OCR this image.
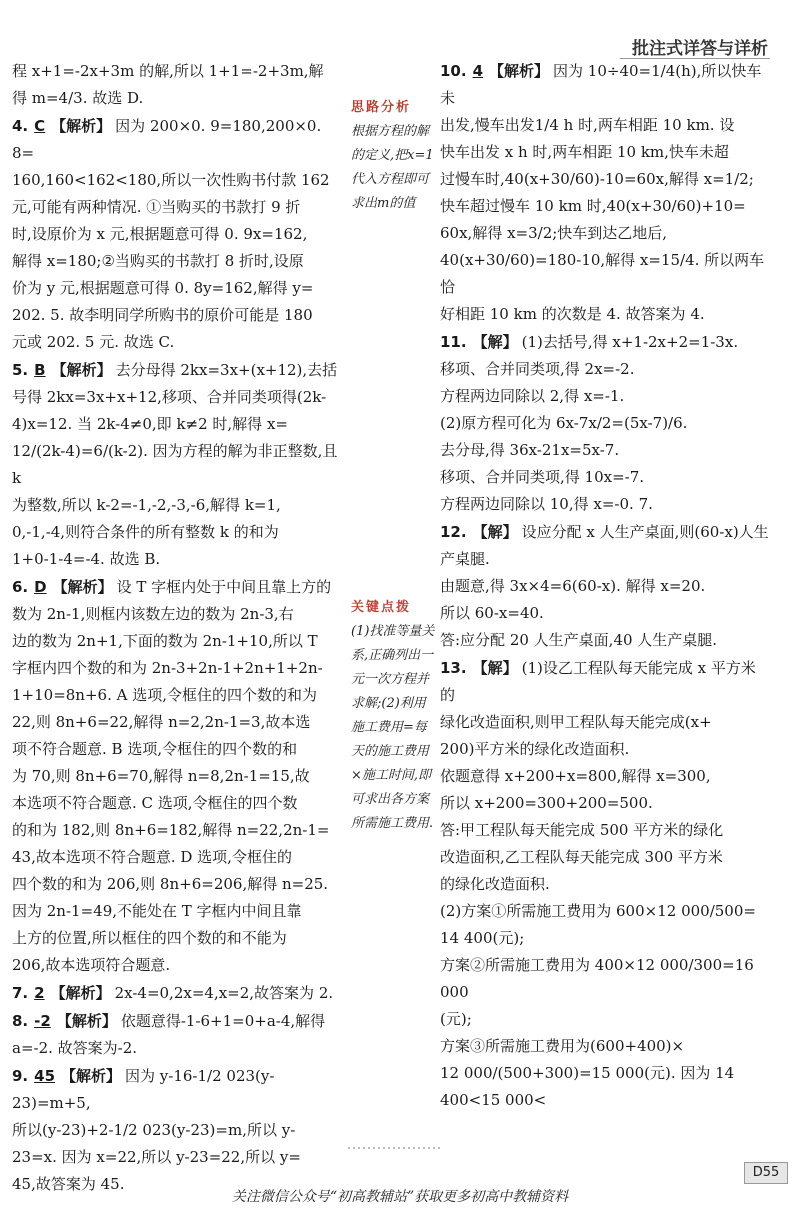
批注式详答与详析
程 x+1=-2x+3m 的解,所以 1+1=-2+3m,解
得 m=4/3. 故选 D.
4. C 【解析】 因为 200×0. 9=180,200×0. 8=
160,160<162<180,所以一次性购书付款 162
元,可能有两种情况. ①当购买的书款打 9 折
时,设原价为 x 元,根据题意可得 0. 9x=162,
解得 x=180;②当购买的书款打 8 折时,设原
价为 y 元,根据题意可得 0. 8y=162,解得 y=
202. 5. 故李明同学所购书的原价可能是 180
元或 202. 5 元. 故选 C.
5. B 【解析】 去分母得 2kx=3x+(x+12),去括
号得 2kx=3x+x+12,移项、合并同类项得(2k-
4)x=12. 当 2k-4≠0,即 k≠2 时,解得 x=
12/(2k-4)=6/(k-2). 因为方程的解为非正整数,且 k
为整数,所以 k-2=-1,-2,-3,-6,解得 k=1,
0,-1,-4,则符合条件的所有整数 k 的和为
1+0-1-4=-4. 故选 B.
6. D 【解析】 设 T 字框内处于中间且靠上方的
数为 2n-1,则框内该数左边的数为 2n-3,右
边的数为 2n+1,下面的数为 2n-1+10,所以 T
字框内四个数的和为 2n-3+2n-1+2n+1+2n-
1+10=8n+6. A 选项,令框住的四个数的和为
22,则 8n+6=22,解得 n=2,2n-1=3,故本选
项不符合题意. B 选项,令框住的四个数的和
为 70,则 8n+6=70,解得 n=8,2n-1=15,故
本选项不符合题意. C 选项,令框住的四个数
的和为 182,则 8n+6=182,解得 n=22,2n-1=
43,故本选项不符合题意. D 选项,令框住的
四个数的和为 206,则 8n+6=206,解得 n=25.
因为 2n-1=49,不能处在 T 字框内中间且靠
上方的位置,所以框住的四个数的和不能为
206,故本选项符合题意.
7. 2 【解析】 2x-4=0,2x=4,x=2,故答案为 2.
8. -2 【解析】 依题意得-1-6+1=0+a-4,解得
a=-2. 故答案为-2.
9. 45 【解析】 因为 y-16-1/2 023(y-23)=m+5,
所以(y-23)+2-1/2 023(y-23)=m,所以 y-
23=x. 因为 x=22,所以 y-23=22,所以 y=
45,故答案为 45.
思路分析
根据方程的解的定义,把x=1代入方程即可求出m的值
关键点拨
(1)找准等量关系,正确列出一元一次方程并求解;(2)利用施工费用=每天的施工费用×施工时间,即可求出各方案所需施工费用.
10. 4 【解析】 因为 10÷40=1/4(h),所以快车未
出发,慢车出发1/4 h 时,两车相距 10 km. 设
快车出发 x h 时,两车相距 10 km,快车未超
过慢车时,40(x+30/60)-10=60x,解得 x=1/2;
快车超过慢车 10 km 时,40(x+30/60)+10=
60x,解得 x=3/2;快车到达乙地后,
40(x+30/60)=180-10,解得 x=15/4. 所以两车恰
好相距 10 km 的次数是 4. 故答案为 4.
11. 【解】 (1)去括号,得 x+1-2x+2=1-3x.
移项、合并同类项,得 2x=-2.
方程两边同除以 2,得 x=-1.
(2)原方程可化为 6x-7x/2=(5x-7)/6.
去分母,得 36x-21x=5x-7.
移项、合并同类项,得 10x=-7.
方程两边同除以 10,得 x=-0. 7.
12. 【解】 设应分配 x 人生产桌面,则(60-x)人生
产桌腿.
由题意,得 3x×4=6(60-x). 解得 x=20.
所以 60-x=40.
答:应分配 20 人生产桌面,40 人生产桌腿.
13. 【解】 (1)设乙工程队每天能完成 x 平方米的
绿化改造面积,则甲工程队每天能完成(x+
200)平方米的绿化改造面积.
依题意得 x+200+x=800,解得 x=300,
所以 x+200=300+200=500.
答:甲工程队每天能完成 500 平方米的绿化
改造面积,乙工程队每天能完成 300 平方米
的绿化改造面积.
(2)方案①所需施工费用为 600×12 000/500=
14 400(元);
方案②所需施工费用为 400×12 000/300=16 000
(元);
方案③所需施工费用为(600+400)×
12 000/(500+300)=15 000(元). 因为 14 400<15 000<
D55
关注微信公众号“初高教辅站”获取更多初高中教辅资料
